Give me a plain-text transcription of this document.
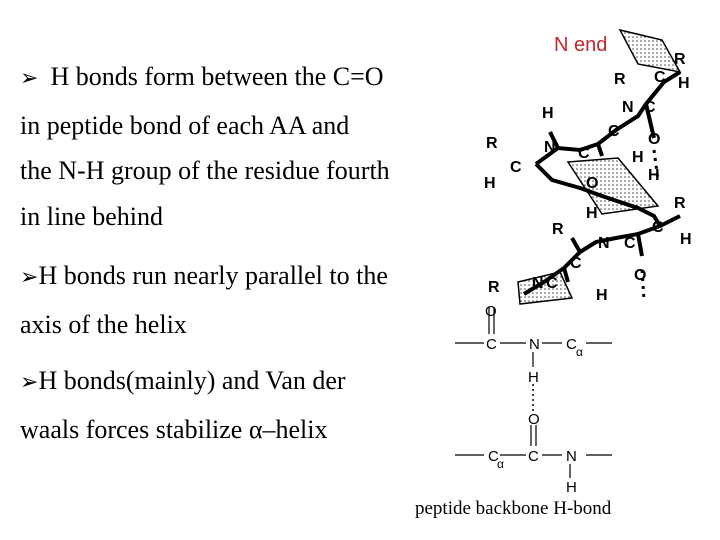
➢ H bonds form between the C=O
in peptide bond of each AA and
the N-H group of the residue fourth
in line behind
➢H bonds run nearly parallel to the
axis of the helix
➢H bonds(mainly) and Van der
waals forces stabilize α–helix
R
C H
R
N C
H
C O
R	N C	H
C
H	O	H
H
R
R	C
H
N C
C
O
R N C
H
O
C N C α
H
O
C
α C N
H
N end
peptide backbone H-bond
